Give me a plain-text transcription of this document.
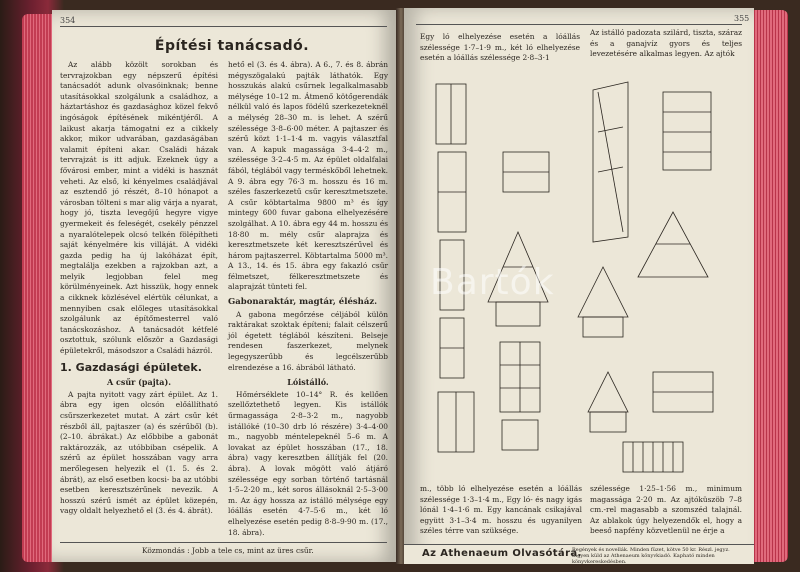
354
Építési tanácsadó.

Az alább közölt sorokban és tervrajzokban egy népszerű építési tanácsadót adunk olvasóinknak; benne utasításokkal szolgálunk a családhoz, a háztartáshoz és gazdasághoz közel fekvő ingóságok építésének mikéntjéről. A laikust akarja támogatni ez a cikkely akkor, mikor udvarában, gazdaságában valamit építeni akar. Családi házak tervrajzát is itt adjuk. Ezeknek úgy a fővárosi ember, mint a vidéki is hasznát veheti. Az első, ki kényelmes családjával az esztendő jó részét, 8–10 hónapot a városban tölteni s mar alig várja a nyarat, hogy jó, tiszta levegőjű hegyre vigye gyermekeit és feleségét, csekély pénzzel a nyaralótelepek olcsó telkén fölépítheti saját kényelmére kis villáját. A vidéki gazda pedig ha új lakóházat épít, megtalálja ezekben a rajzokban azt, a melyik legjobban felel meg körülményeinek. Azt hisszük, hogy ennek a cikknek közlésével elértük célunkat, a mennyiben csak előleges utasításokkal szolgálunk az építőmesterrel való tanácskozáshoz. A tanácsadót kétfelé osztottuk, szólunk először a Gazdasági épületekről, másodszor a Családi házról.

1. Gazdasági épületek.
A csűr (pajta).

A pajta nyitott vagy zárt épület. Az 1. ábra egy igen olcsón előállítható csűrszerkezetet mutat. A zárt csűr két részből áll, pajtaszer (a) és szérűből (b). (2–10. ábrákat.) Az előbbibe a gabonát raktározzák, az utóbbiban csépelik. A szérű az épület hosszában vagy arra merőlegesen helyezik el (1. 5. és 2. ábrát), az első esetben kocsi- ba az utóbbi esetben keresztszérűnek nevezik. A hosszú szérű ismét az épület közepén, vagy oldalt helyezhető el (3. és 4. ábrát).

hető el (3. és 4. ábra). A 6., 7. és 8. ábrán mégyszögalakú pajták láthatók. Egy hosszukás alakú csűrnek legalkalmasabb mélysége 10–12 m. Átmenő kötőgerendák nélkül való és lapos födélű szerkezeteknél a mélység 28–30 m. is lehet. A szérű szélessége 3·8–6·00 méter. A pajtaszer és szérű közt 1·1–1·4 m. vagyis választfal van. A kapuk magassága 3·4–4·2 m., szélessége 3·2–4·5 m. Az épület oldalfalai fából, téglából vagy terméskőből lehetnek. A 9. ábra egy 76·3 m. hosszu és 16 m. széles faszerkezetű csűr keresztmetszete. A csűr köbtartalma 9800 m³ és így mintegy 600 fuvar gabona elhelyezésére szolgálhat. A 10. ábra egy 44 m. hosszu és 18·80 m. mély csűr alaprajza és keresztmetszete két keresztszérűvel és három pajtaszerrel. Köbtartalma 5000 m³. A 13., 14. és 15. ábra egy fakazló csűr félmetszet, félkeresztmetszete és alaprajzát tünteti fel.

Gabonaraktár, magtár, élésház.

A gabona megőrzése céljából külön raktárakat szoktak építeni; falait célszerű jól égetett téglából készíteni. Belseje rendesen faszerkezet, melynek legegyszerűbb és legcélszerűbb elrendezése a 16. ábrából látható.

Lóistálló.

Hőmérséklete 10–14° R. és kellően szellőztethető legyen. Kis istállók űrmagassága 2·8–3·2 m., nagyobb istállóké (10–30 drb ló részére) 3·4–4·00 m., nagyobb méntelepeknél 5–6 m. A lovakat az épület hosszában (17., 18. ábra) vagy keresztben állítják fel (20. ábra). A lovak mögött való átjáró szélessége egy sorban történő tartásnál 1·5–2·20 m., két soros állásoknál 2·5–3·00 m. Az ágy hossza az istálló mélysége egy lóállás esetén 4·7–5·6 m., két ló elhelyezése esetén pedig 8·8–9·90 m. (17., 18. ábra).

Közmondás : Jobb a tele cs, mint az üres csűr.
355
Egy ló elhelyezése esetén a lóállás szélessége 1·7–1·9 m., két ló elhelyezése esetén a lóállás szélessége 2·8–3·1
Az istálló padozata szilárd, tiszta, száraz és a ganajvíz gyors és teljes levezetésére alkalmas legyen. Az ajtók
m., több ló elhelyezése esetén a lóállás szélessége 1·3–1·4 m., Egy ló- és nagy igás lónál 1·4–1·6 m. Egy kancának csikajával együtt 3·1–3·4 m. hosszu és ugyanilyen széles térre van szüksége.
szélessége 1·25–1·56 m., minimum magassága 2·20 m. Az ajtóküszöb 7–8 cm.-rel magasabb a szomszéd talajnál. Az ablakok úgy helyezendők el, hogy a beeső napfény közvetlenül ne érje a
Az Athenaeum Olvasótára.
Regények és novellák. Minden füzet, kötve 50 kr. Részl. jegyz. Ingyen küld az Athenaeum könyvkiadó. Kapható minden könyvkereskedésben.
Bartók
